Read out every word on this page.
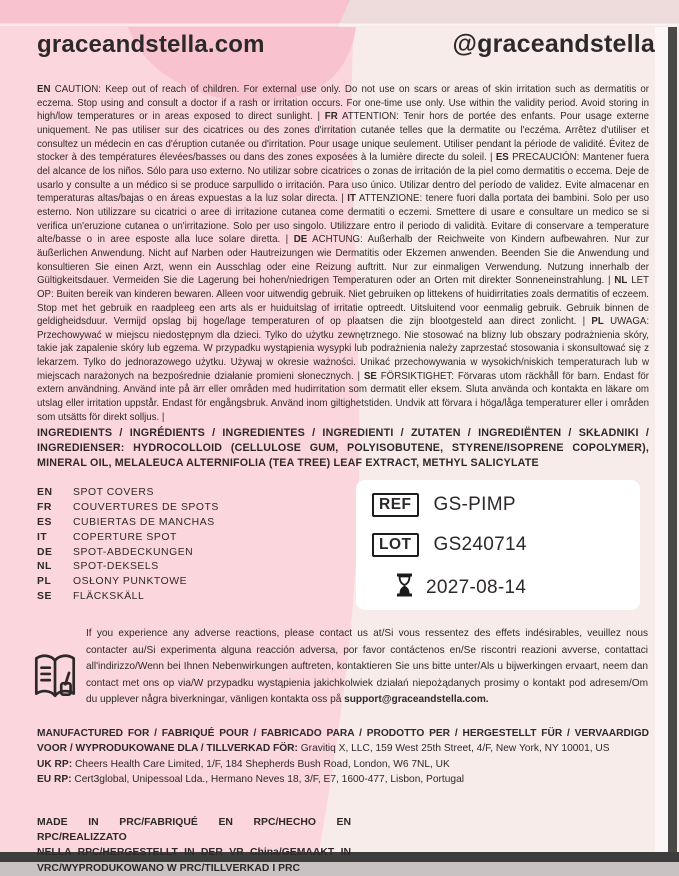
graceandstella.com	@graceandstella
EN CAUTION: Keep out of reach of children. For external use only. Do not use on scars or areas of skin irritation such as dermatitis or eczema. Stop using and consult a doctor if a rash or irritation occurs. For one-time use only. Use within the validity period. Avoid storing in high/low temperatures or in areas exposed to direct sunlight. | FR ATTENTION: Tenir hors de portée des enfants. Pour usage externe uniquement. Ne pas utiliser sur des cicatrices ou des zones d'irritation cutanée telles que la dermatite ou l'eczéma. Arrêtez d'utiliser et consultez un médecin en cas d'éruption cutanée ou d'irritation. Pour usage unique seulement. Utiliser pendant la période de validité. Évitez de stocker à des températures élevées/basses ou dans des zones exposées à la lumière directe du soleil. | ES PRECAUCIÓN: Mantener fuera del alcance de los niños. Sólo para uso externo. No utilizar sobre cicatrices o zonas de irritación de la piel como dermatitis o eccema. Deje de usarlo y consulte a un médico si se produce sarpullido o irritación. Para uso único. Utilizar dentro del período de validez. Evite almacenar en temperaturas altas/bajas o en áreas expuestas a la luz solar directa. | IT ATTENZIONE: tenere fuori dalla portata dei bambini. Solo per uso esterno. Non utilizzare su cicatrici o aree di irritazione cutanea come dermatiti o eczemi. Smettere di usare e consultare un medico se si verifica un'eruzione cutanea o un'irritazione. Solo per uso singolo. Utilizzare entro il periodo di validità. Evitare di conservare a temperature alte/basse o in aree esposte alla luce solare diretta. | DE ACHTUNG: Außerhalb der Reichweite von Kindern aufbewahren. Nur zur äußerlichen Anwendung. Nicht auf Narben oder Hautreizungen wie Dermatitis oder Ekzemen anwenden. Beenden Sie die Anwendung und konsultieren Sie einen Arzt, wenn ein Ausschlag oder eine Reizung auftritt. Nur zur einmaligen Verwendung. Nutzung innerhalb der Gültigkeitsdauer. Vermeiden Sie die Lagerung bei hohen/niedrigen Temperaturen oder an Orten mit direkter Sonneneinstrahlung. | NL LET OP: Buiten bereik van kinderen bewaren. Alleen voor uitwendig gebruik. Niet gebruiken op littekens of huidirritaties zoals dermatitis of eczeem. Stop met het gebruik en raadpleeg een arts als er huiduitslag of irritatie optreedt. Uitsluitend voor eenmalig gebruik. Gebruik binnen de geldigheidsduur. Vermijd opslag bij hoge/lage temperaturen of op plaatsen die zijn blootgesteld aan direct zonlicht. | PL UWAGA: Przechowywać w miejscu niedostępnym dla dzieci. Tylko do użytku zewnętrznego. Nie stosować na blizny lub obszary podrażnienia skóry, takie jak zapalenie skóry lub egzema. W przypadku wystąpienia wysypki lub podrażnienia należy zaprzestać stosowania i skonsultować się z lekarzem. Tylko do jednorazowego użytku. Używaj w okresie ważności. Unikać przechowywania w wysokich/niskich temperaturach lub w miejscach narażonych na bezpośrednie działanie promieni słonecznych. | SE FÖRSIKTIGHET: Förvaras utom räckhåll för barn. Endast för extern användning. Använd inte på ärr eller områden med hudirritation som dermatit eller eksem. Sluta använda och kontakta en läkare om utslag eller irritation uppstår. Endast för engångsbruk. Använd inom giltighetstiden. Undvik att förvara i höga/låga temperaturer eller i områden som utsätts för direkt solljus. |
INGREDIENTS / INGRÉDIENTS / INGREDIENTES / INGREDIENTI / ZUTATEN / INGREDIËNTEN / SKŁADNIKI / INGREDIENSER: HYDROCOLLOID (CELLULOSE GUM, POLYISOBUTENE, STYRENE/ISOPRENE COPOLYMER), MINERAL OIL, MELALEUCA ALTERNIFOLIA (TEA TREE) LEAF EXTRACT, METHYL SALICYLATE
EN	SPOT COVERS
FR	COUVERTURES DE SPOTS
ES	CUBIERTAS DE MANCHAS
IT	COPERTURE SPOT
DE	SPOT-ABDECKUNGEN
NL	SPOT-DEKSELS
PL	OSŁONY PUNKTOWE
SE	FLÄCKSKÄLL
REF	GS-PIMP
LOT	GS240714
2027-08-14
If you experience any adverse reactions, please contact us at/Si vous ressentez des effets indésirables, veuillez nous contacter au/Si experimenta alguna reacción adversa, por favor contáctenos en/Se riscontri reazioni avverse, contattaci all'indirizzo/Wenn bei Ihnen Nebenwirkungen auftreten, kontaktieren Sie uns bitte unter/Als u bijwerkingen ervaart, neem dan contact met ons op via/W przypadku wystąpienia jakichkolwiek działań niepożądanych prosimy o kontakt pod adresem/Om du upplever några biverkningar, vänligen kontakta oss på support@graceandstella.com.

MANUFACTURED FOR / FABRIQUÉ POUR / FABRICADO PARA / PRODOTTO PER / HERGESTELLT FÜR / VERVAARDIGD VOOR / WYPRODUKOWANE DLA / TILLVERKAD FÖR: Gravitiq X, LLC, 159 West 25th Street, 4/F, New York, NY 10001, US

UK RP: Cheers Health Care Limited, 1/F, 184 Shepherds Bush Road, London, W6 7NL, UK

EU RP: Cert3global, Unipessoal Lda., Hermano Neves 18, 3/F, E7, 1600-477, Lisbon, Portugal

MADE IN PRC/FABRIQUÉ EN RPC/HECHO EN RPC/REALIZZATO
NELLA RPC/HERGESTELLT IN DER VR China/GEMAAKT IN
VRC/WYPRODUKOWANO W PRC/TILLVERKAD I PRC
